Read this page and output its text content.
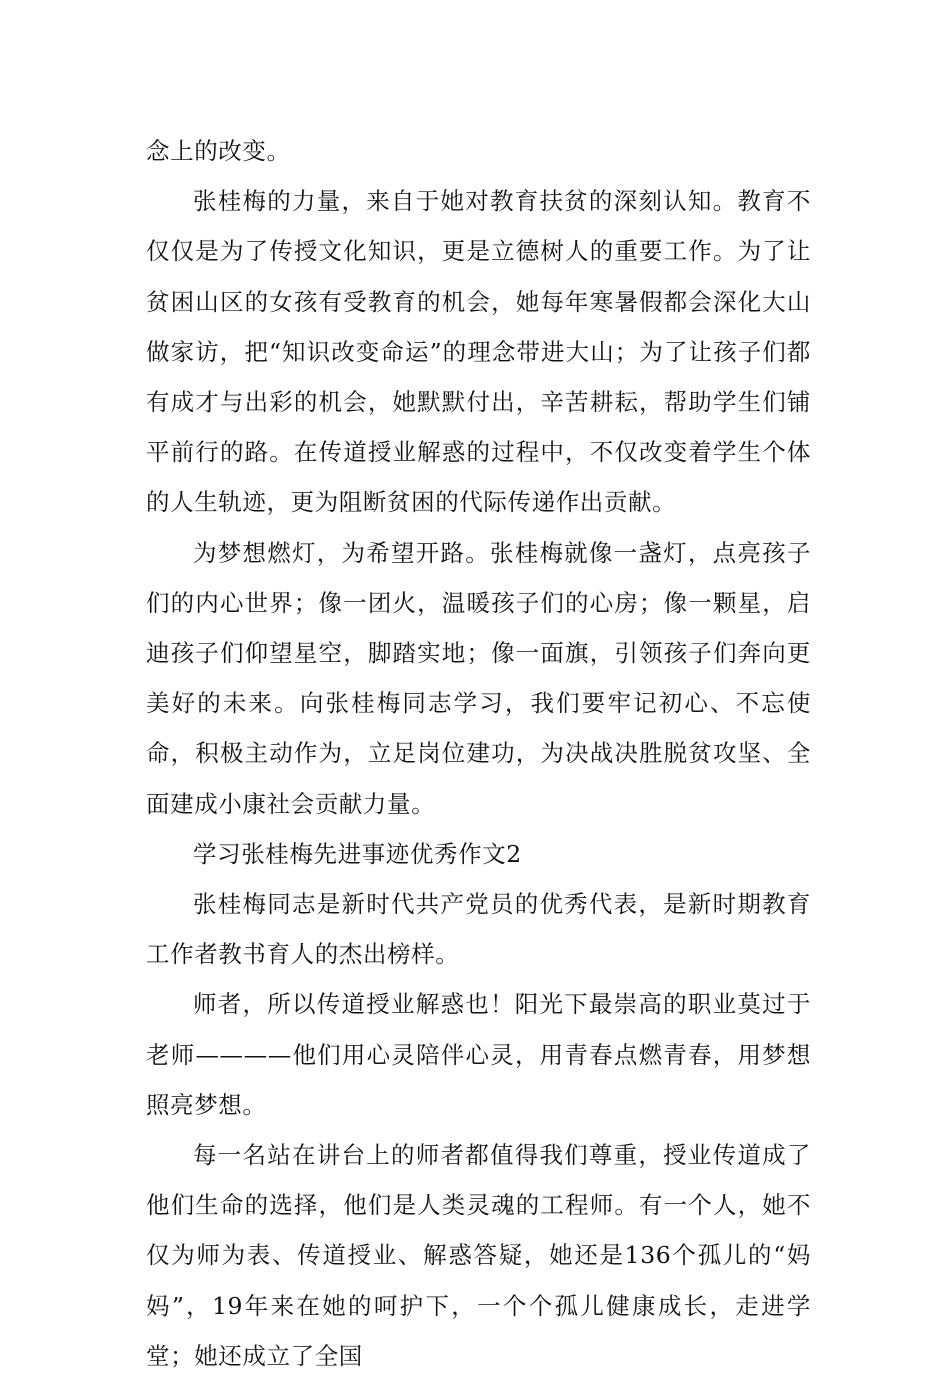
念上的改变。

张桂梅的力量，来自于她对教育扶贫的深刻认知。教育不仅仅是为了传授文化知识，更是立德树人的重要工作。为了让贫困山区的女孩有受教育的机会，她每年寒暑假都会深化大山做家访，把“知识改变命运”的理念带进大山；为了让孩子们都有成才与出彩的机会，她默默付出，辛苦耕耘，帮助学生们铺平前行的路。在传道授业解惑的过程中，不仅改变着学生个体的人生轨迹，更为阻断贫困的代际传递作出贡献。

为梦想燃灯，为希望开路。张桂梅就像一盏灯，点亮孩子们的内心世界；像一团火，温暖孩子们的心房；像一颗星，启迪孩子们仰望星空，脚踏实地；像一面旗，引领孩子们奔向更美好的未来。向张桂梅同志学习，我们要牢记初心、不忘使命，积极主动作为，立足岗位建功，为决战决胜脱贫攻坚、全面建成小康社会贡献力量。

学习张桂梅先进事迹优秀作文2

张桂梅同志是新时代共产党员的优秀代表，是新时期教育工作者教书育人的杰出榜样。

师者，所以传道授业解惑也！阳光下最崇高的职业莫过于老师————他们用心灵陪伴心灵，用青春点燃青春，用梦想照亮梦想。

每一名站在讲台上的师者都值得我们尊重，授业传道成了他们生命的选择，他们是人类灵魂的工程师。有一个人，她不仅为师为表、传道授业、解惑答疑，她还是136个孤儿的“妈妈”，19年来在她的呵护下，一个个孤儿健康成长，走进学堂；她还成立了全国
